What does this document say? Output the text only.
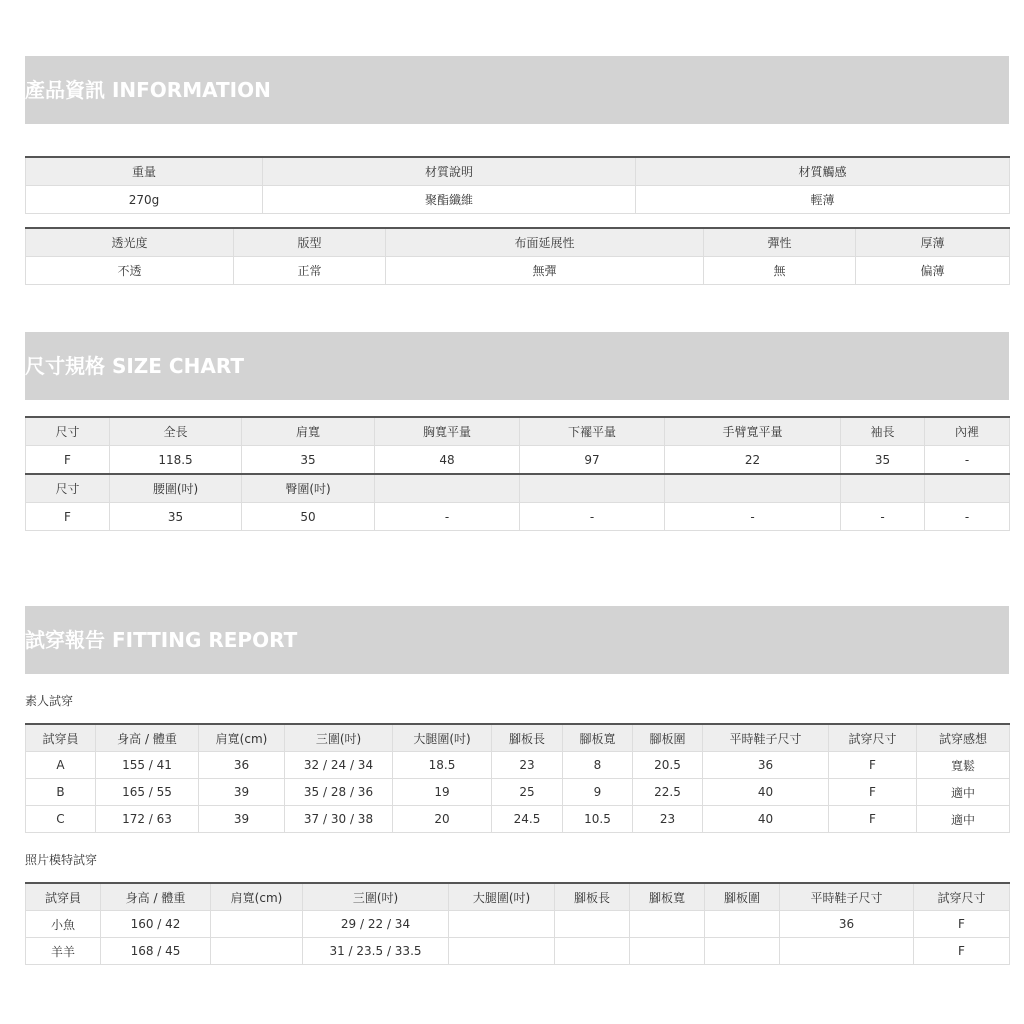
產品資訊 INFORMATION
重量	材質說明	材質觸感
270g	聚酯纖維	輕薄
透光度	版型	布面延展性	彈性	厚薄
不透	正常	無彈	無	偏薄
尺寸規格 SIZE CHART
尺寸	全長	肩寬	胸寬平量	下襬平量	手臂寬平量	袖長	內裡
F	118.5	35	48	97	22	35	-
尺寸	腰圍(吋)	臀圍(吋)					
F	35	50	-	-	-	-	-
試穿報告 FITTING REPORT
素人試穿
試穿員	身高 / 體重	肩寬(cm)	三圍(吋)	大腿圍(吋)	腳板長	腳板寬	腳板圍	平時鞋子尺寸	試穿尺寸	試穿感想
A	155 / 41	36	32 / 24 / 34	18.5	23	8	20.5	36	F	寬鬆
B	165 / 55	39	35 / 28 / 36	19	25	9	22.5	40	F	適中
C	172 / 63	39	37 / 30 / 38	20	24.5	10.5	23	40	F	適中
照片模特試穿
試穿員	身高 / 體重	肩寬(cm)	三圍(吋)	大腿圍(吋)	腳板長	腳板寬	腳板圍	平時鞋子尺寸	試穿尺寸
小魚	160 / 42		29 / 22 / 34					36	F
羊羊	168 / 45		31 / 23.5 / 33.5						F
